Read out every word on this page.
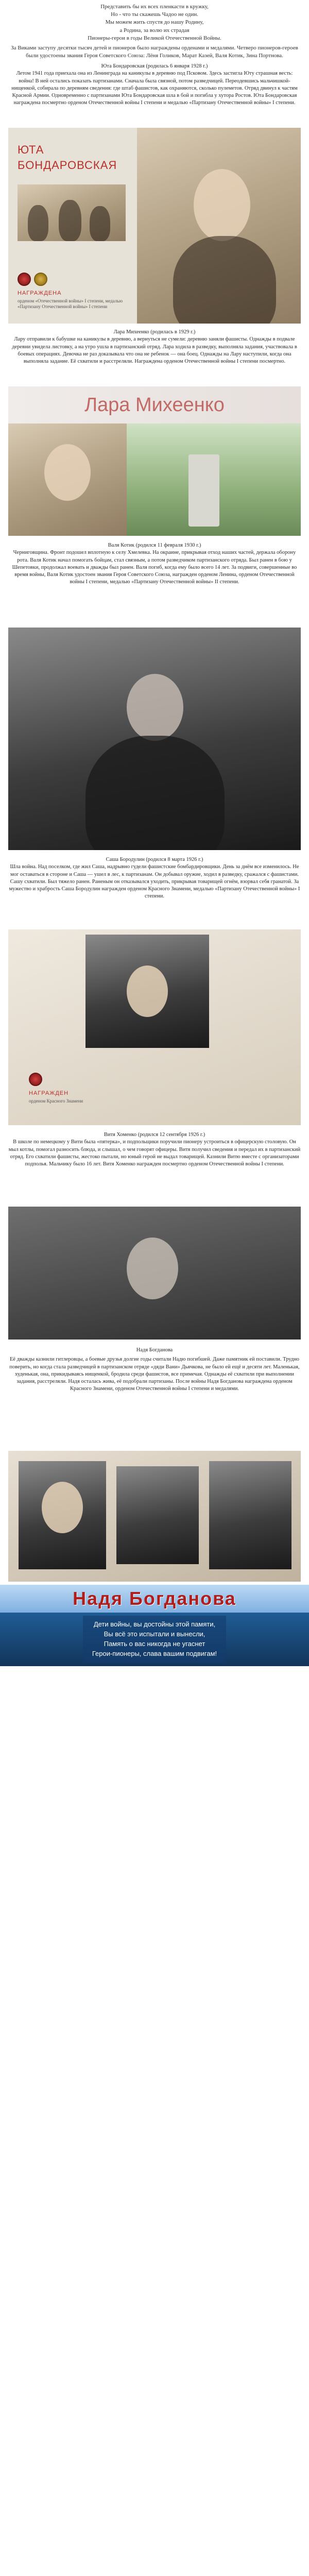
Представить бы их всех пленкасти в кружку,

Но - что ты скажешь Чадоо не один.

Мы можем жить спустя до нашу Родину,

а Родина, за волю их страдая

Пионеры-герои в годы Великой Отечественной Войны.

За Виками заступу десятки тысяч детей и пионеров было награждены орденами и медалями. Четверо пионеров-героев были удостоены звания Героя Советского Союза: Лёня Голиков, Марат Казей, Валя Котик, Зина Портнова.

Юта Бондаровская (родилась 6 января 1928 г.)

Летом 1941 года приехала она из Ленинграда на каникулы в деревню под Псковом. Здесь застигла Юту страшная весть: война! В ней остались показать партизанами. Сначала была связной, потом разведчицей. Переодевшись мальчишкой-нищенкой, собирала по деревням сведения: где штаб фашистов, как охраняются, сколько пулеметов. Отряд двинул к частям Красной Армии. Одновременно с партизанами Юта Бондаровская шла в бой и погибла у хутора Ростов. Юта Бондаровская награждена посмертно орденом Отечественной войны I степени и медалью «Партизану Отечественной войны» I степени.

ЮТА
БОНДАРОВСКАЯ
НАГРАЖДЕНА
орденом «Отечественной войны» I степени, медалью «Партизану Отечественной войны» I степени

Лара Михеенко (родилась в 1929 г.)

Лару отправили к бабушке на каникулы в деревню, а вернуться не сумели: деревню заняли фашисты. Однажды в подвале деревни увидела листовку, а на утро ушла в партизанский отряд. Лара ходила в разведку, выполняла задания, участвовала в боевых операциях. Девочка не раз доказывала что она не ребенок — она боец. Однажды на Лару наступили, когда она выполняла задание. Её схватили и расстреляли. Награждена орденом Отечественной войны I степени посмертно.

Лара Михеенко

Валя Котик (родился 11 февраля 1930 г.)

Черниговщина. Фронт подошел вплотную к селу Хмелевка. На окраине, прикрывая отход наших частей, держала оборону рота. Валя Котик начал помогать бойцам, стал связным, а потом разведчиком партизанского отряда. Был ранен в бою у Шепетовки, продолжал воевать и дважды был ранен. Валя погиб, когда ему было всего 14 лет. За подвиги, совершенные во время войны, Валя Котик удостоен звания Героя Советского Союза, награжден орденом Ленина, орденом Отечественной войны I степени, медалью «Партизану Отечественной войны» II степени.

Саша Бородулин (родился 8 марта 1926 г.)

Шла война. Над поселком, где жил Саша, надрывно гудели фашистские бомбардировщики. День за днём все изменилось. Не мог оставаться в стороне и Саша — ушел в лес, к партизанам. Он добывал оружие, ходил в разведку, сражался с фашистами. Сашу схватили. Был тяжело ранен. Раненым он отказывался уходить, прикрывая товарищей огнём, взорвал себя гранатой. За мужество и храбрость Саша Бородулин награжден орденом Красного Знамени, медалью «Партизану Отечественной войны» I степени.

НАГРАЖДЕН
орденом Красного Знамени

Витя Хоменко (родился 12 сентября 1926 г.)

В школе по немецкому у Вити была «пятерка», и подпольщики поручили пионеру устроиться в офицерскую столовую. Он мыл котлы, помогал разносить блюда, и слышал, о чем говорят офицеры. Витя получил сведения и передал их в партизанский отряд. Его схватили фашисты, жестоко пытали, но юный герой не выдал товарищей. Казнили Витю вместе с организаторами подполья. Мальчику было 16 лет. Витя Хоменко награжден посмертно орденом Отечественной войны I степени.

Надя Богданова

Её дважды казнили гитлеровцы, а боевые друзья долгие годы считали Надю погибшей. Даже памятник ей поставили. Трудно поверить, но когда стала разведчицей в партизанском отряде «дяди Вани» Дьячкова, не было ей ещё и десяти лет. Маленькая, худенькая, она, прикидываясь нищенкой, бродила среди фашистов, все примечая. Однажды её схватили при выполнении задания, расстреляли. Надя осталась жива, её подобрали партизаны. После войны Надя Богданова награждена орденом Красного Знамени, орденом Отечественной войны I степени и медалями.

Надя Богданова

Дети войны, вы достойны этой памяти,

Вы всё это испытали и вынесли,

Память о вас никогда не угаснет

Герои-пионеры, слава вашим подвигам!
